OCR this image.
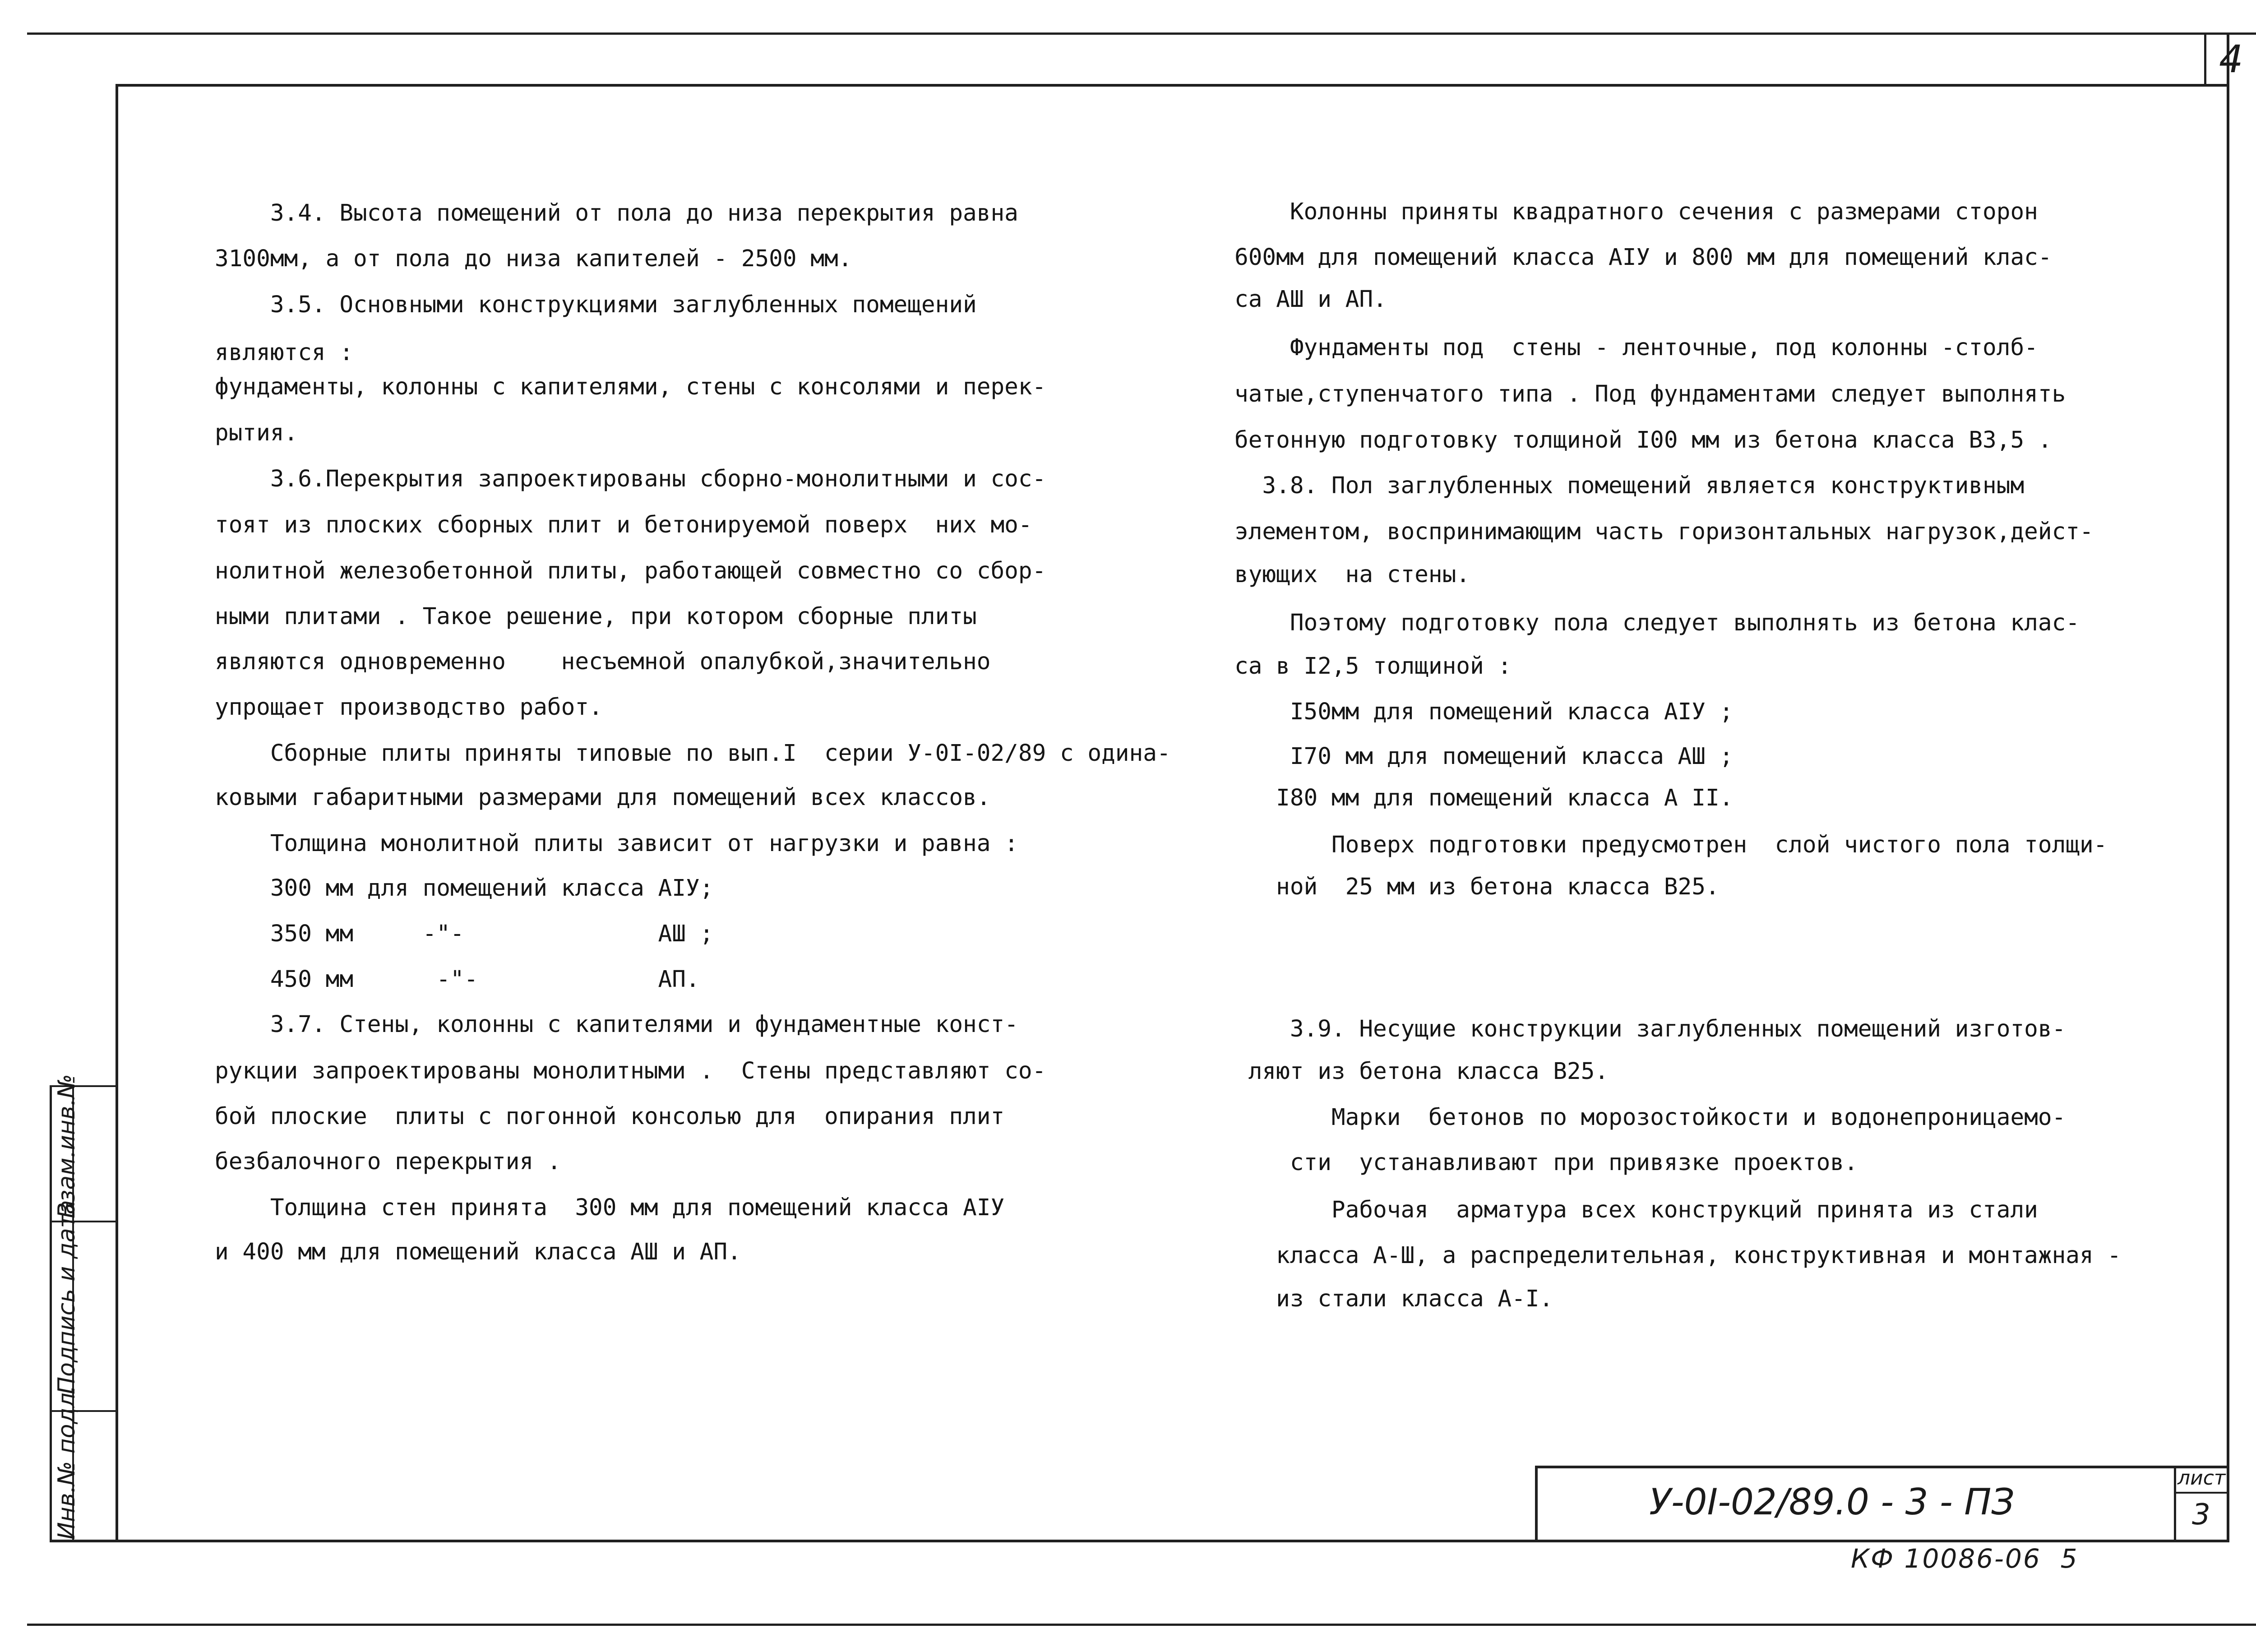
4
3.4. Высота помещений от пола до низа перекрытия равна
3100мм, а от пола до низа капителей - 2500 мм.
3.5. Основными конструкциями заглубленных помещений
являются :
фундаменты, колонны с капителями, стены с консолями и перек-
рытия.
3.6.Перекрытия запроектированы сборно-монолитными и сос-
тоят из плоских сборных плит и бетонируемой поверх  них мо-
нолитной железобетонной плиты, работающей совместно со сбор-
ными плитами . Такое решение, при котором сборные плиты
являются одновременно    несъемной опалубкой,значительно
упрощает производство работ.
Сборные плиты приняты типовые по вып.I  серии У-0I-02/89 с одина-
ковыми габаритными размерами для помещений всех классов.
Толщина монолитной плиты зависит от нагрузки и равна :
300 мм для помещений класса АIУ;
350 мм     -"-              АШ ;
450 мм      -"-             АП.
3.7. Стены, колонны с капителями и фундаментные конст-
рукции запроектированы монолитными .  Стены представляют со-
бой плоские  плиты с погонной консолью для  опирания плит
безбалочного перекрытия .
Толщина стен принята  300 мм для помещений класса АIУ
и 400 мм для помещений класса АШ и АП.
Колонны приняты квадратного сечения с размерами сторон
600мм для помещений класса АIУ и 800 мм для помещений клас-
са АШ и АП.
Фундаменты под  стены - ленточные, под колонны -столб-
чатые,ступенчатого типа . Под фундаментами следует выполнять
бетонную подготовку толщиной I00 мм из бетона класса В3,5 .
3.8. Пол заглубленных помещений является конструктивным
элементом, воспринимающим часть горизонтальных нагрузок,дейст-
вующих  на стены.
Поэтому подготовку пола следует выполнять из бетона клас-
са в I2,5 толщиной :
I50мм для помещений класса АIУ ;
I70 мм для помещений класса АШ ;
I80 мм для помещений класса А II.
Поверх подготовки предусмотрен  слой чистого пола толщи-
ной  25 мм из бетона класса В25.
3.9. Несущие конструкции заглубленных помещений изготов-
ляют из бетона класса В25.
Марки  бетонов по морозостойкости и водонепроницаемо-
сти  устанавливают при привязке проектов.
Рабочая  арматура всех конструкций принята из стали
класса А-Ш, а распределительная, конструктивная и монтажная -
из стали класса А-I.
У-0I-02/89.0 - 3 - ПЗ
лист
3
КФ 10086-06  5
Инв.№ подл.
Подпись и дата
Взам.инв.№
